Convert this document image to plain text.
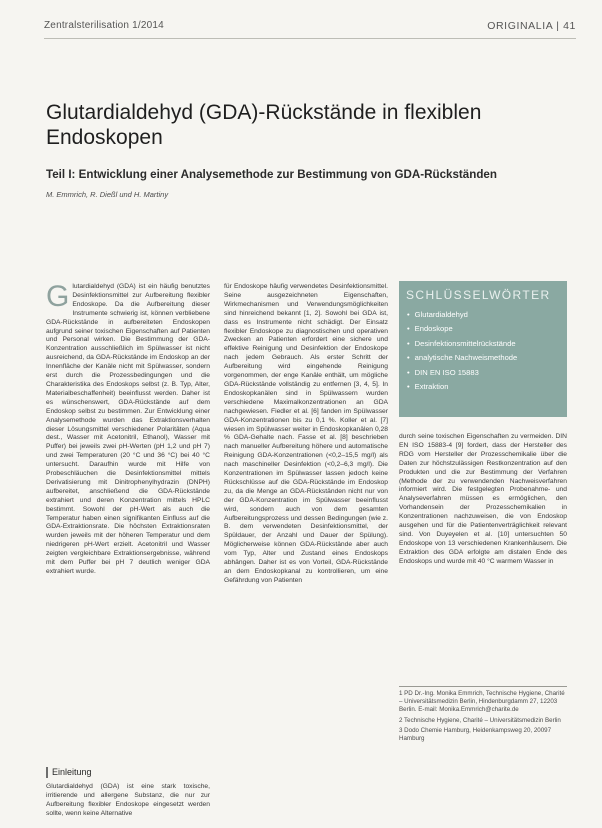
Zentralsterilisation 1/2014	ORIGINALIA | 41
Glutardialdehyd (GDA)-Rückstände in flexiblen Endoskopen
Teil I: Entwicklung einer Analysemethode zur Bestimmung von GDA-Rückständen
M. Emmrich, R. Dießl und H. Martiny
G lutardialdehyd (GDA) ist ein häufig benutztes Desinfektionsmittel zur Aufbereitung flexibler Endoskope. Da die Aufbereitung dieser Instrumente schwierig ist, können verbliebene GDA-Rückstände in aufbereiteten Endoskopen aufgrund seiner toxischen Eigenschaften auf Patienten und Personal wirken. Die Bestimmung der GDA-Konzentration ausschließlich im Spülwasser ist nicht ausreichend, da GDA-Rückstände im Endoskop an der Innenfläche der Kanäle nicht mit Spülwasser, sondern erst durch die Prozessbedingungen und die Charakteristika des Endoskops selbst (z. B. Typ, Alter, Materialbeschaffenheit) beeinflusst werden. Daher ist es wünschenswert, GDA-Rückstände auf dem Endoskop selbst zu bestimmen. Zur Entwicklung einer Analysemethode wurden das Extraktionsverhalten dieser Lösungsmittel verschiedener Polaritäten (Aqua dest., Wasser mit Acetonitril, Ethanol), Wasser mit Puffer) bei jeweils zwei pH-Werten (pH 1,2 und pH 7) und zwei Temperaturen (20 °C und 36 °C) bei 40 °C untersucht. Daraufhin wurde mit Hilfe von Probeschläuchen die Desinfektionsmittel mittels Derivatisierung mit Dinitrophenylhydrazin (DNPH) aufbereitet, anschließend die GDA-Rückstände extrahiert und deren Konzentration mittels HPLC bestimmt. Sowohl der pH-Wert als auch die Temperatur haben einen signifikanten Einfluss auf die GDA-Extraktionsrate. Die höchsten Extraktionsraten wurden jeweils mit der höheren Temperatur und dem niedrigeren pH-Wert erzielt. Acetonitril und Wasser zeigten vergleichbare Extraktionsergebnisse, während mit dem Puffer bei pH 7 deutlich weniger GDA extrahiert wurde.

Einleitung

Glutardialdehyd (GDA) ist eine stark toxische, irritierende und allergene Substanz, die nur zur Aufbereitung flexibler Endoskope eingesetzt werden sollte, wenn keine Alternative

für Endoskope häufig verwendetes Desinfektionsmittel. Seine ausgezeichneten Eigenschaften, Wirkmechanismen und Verwendungsmöglichkeiten sind hinreichend bekannt [1, 2]. Sowohl bei GDA ist, dass es Instrumente nicht schädigt. Der Einsatz flexibler Endoskope zu diagnostischen und operativen Zwecken an Patienten erfordert eine sichere und effektive Reinigung und Desinfektion der Endoskope nach jedem Gebrauch. Als erster Schritt der Aufbereitung wird eingehende Reinigung vorgenommen, der enge Kanäle enthält, um mögliche GDA-Rückstände vollständig zu entfernen [3, 4, 5]. In Endoskopkanälen sind in Spülwassern wurden verschiedene Maximalkonzentrationen an GDA nachgewiesen. Fiedler et al. [6] fanden im Spülwasser GDA-Konzentrationen bis zu 0,1 %. Koller et al. [7] wiesen im Spülwasser weiter in Endoskopkanälen 0,28 % GDA-Gehalte nach. Fasse et al. [8] beschrieben nach manueller Aufbereitung höhere und automatische Reinigung GDA-Konzentrationen (<0,2–15,5 mg/l) als nach maschineller Desinfektion (<0,2–6,3 mg/l). Die Konzentrationen im Spülwasser lassen jedoch keine Rückschlüsse auf die GDA-Rückstände im Endoskop zu, da die Menge an GDA-Rückständen nicht nur von der GDA-Konzentration im Spülwasser beeinflusst wird, sondern auch von dem gesamten Aufbereitungsprozess und dessen Bedingungen (wie z. B. dem verwendeten Desinfektionsmittel, der Spüldauer, der Anzahl und Dauer der Spülung). Möglicherweise können GDA-Rückstände aber auch vom Typ, Alter und Zustand eines Endoskops abhängen. Daher ist es von Vorteil, GDA-Rückstände an dem Endoskopkanal zu kontrollieren, um eine Gefährdung von Patienten

SCHLÜSSELWÖRTER
• Glutardialdehyd
• Endoskope
• Desinfektionsmittelrückstände
• analytische Nachweismethode
• DIN EN ISO 15883
• Extraktion

durch seine toxischen Eigenschaften zu vermeiden. DIN EN ISO 15883-4 [9] fordert, dass der Hersteller des RDG vom Hersteller der Prozesschemikalie über die Daten zur höchstzulässigen Restkonzentration auf den Produkten und die zur Bestimmung der Verfahren (Methode der zu verwendenden Nachweisverfahren informiert wird. Die festgelegten Probenahme- und Analyseverfahren müssen es ermöglichen, den Vorhandensein der Prozesschemikalien in Konzentrationen nachzuweisen, die von Endoskop ausgehen und für die Patientenverträglichkeit relevant sind. Von Duyeyelen et al. [10] untersuchten 50 Endoskope von 13 verschiedenen Krankenhäusern. Die Extraktion des GDA erfolgte am distalen Ende des Endoskops und wurde mit 40 °C warmem Wasser in

1 PD Dr.-Ing. Monika Emmrich, Technische Hygiene, Charité – Universitätsmedizin Berlin, Hindenburgdamm 27, 12203 Berlin. E-mail: Monika.Emmrich@charite.de

2 Technische Hygiene, Charité – Universitätsmedizin Berlin

3 Dodo Chemie Hamburg, Heidenkampsweg 20, 20097 Hamburg
